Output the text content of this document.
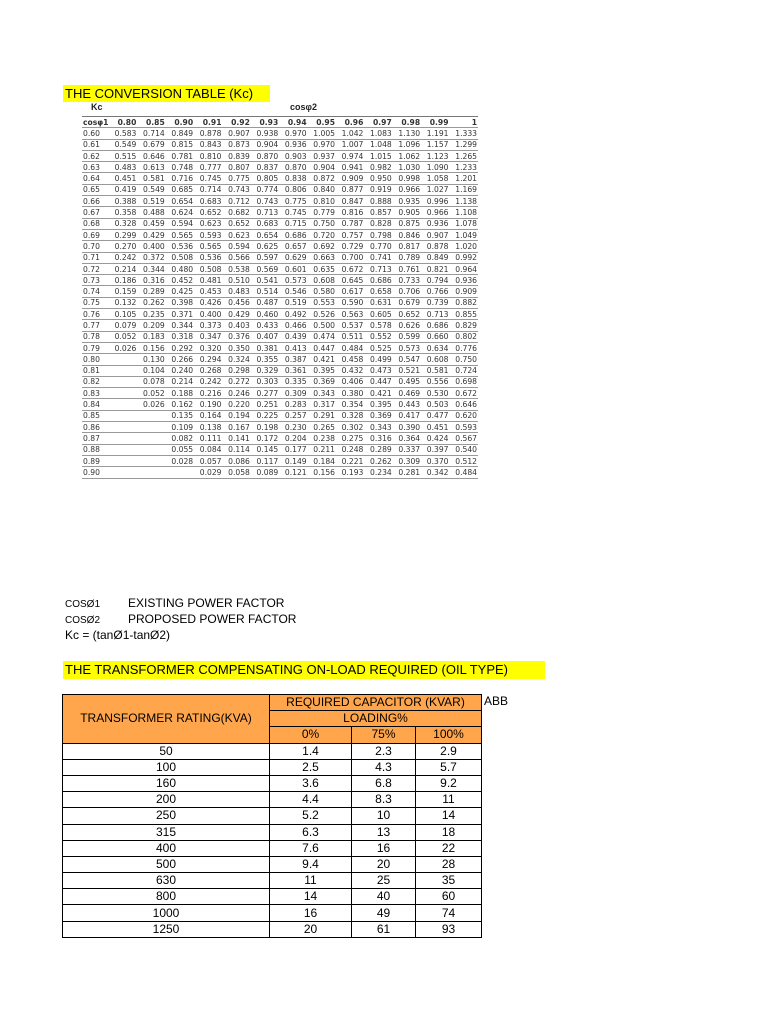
THE CONVERSION TABLE (Kc)
Kc	cosφ2
cosφ1	0.80	0.85	0.90	0.91	0.92	0.93	0.94	0.95	0.96	0.97	0.98	0.99	1
0.60	0.583	0.714	0.849	0.878	0.907	0.938	0.970	1.005	1.042	1.083	1.130	1.191	1.333
0.61	0.549	0.679	0.815	0.843	0.873	0.904	0.936	0.970	1.007	1.048	1.096	1.157	1.299
0.62	0.515	0.646	0.781	0.810	0.839	0.870	0.903	0.937	0.974	1.015	1.062	1.123	1.265
0.63	0.483	0.613	0.748	0.777	0.807	0.837	0.870	0.904	0.941	0.982	1.030	1.090	1.233
0.64	0.451	0.581	0.716	0.745	0.775	0.805	0.838	0.872	0.909	0.950	0.998	1.058	1.201
0.65	0.419	0.549	0.685	0.714	0.743	0.774	0.806	0.840	0.877	0.919	0.966	1.027	1.169
0.66	0.388	0.519	0.654	0.683	0.712	0.743	0.775	0.810	0.847	0.888	0.935	0.996	1.138
0.67	0.358	0.488	0.624	0.652	0.682	0.713	0.745	0.779	0.816	0.857	0.905	0.966	1.108
0.68	0.328	0.459	0.594	0.623	0.652	0.683	0.715	0.750	0.787	0.828	0.875	0.936	1.078
0.69	0.299	0.429	0.565	0.593	0.623	0.654	0.686	0.720	0.757	0.798	0.846	0.907	1.049
0.70	0.270	0.400	0.536	0.565	0.594	0.625	0.657	0.692	0.729	0.770	0.817	0.878	1.020
0.71	0.242	0.372	0.508	0.536	0.566	0.597	0.629	0.663	0.700	0.741	0.789	0.849	0.992
0.72	0.214	0.344	0.480	0.508	0.538	0.569	0.601	0.635	0.672	0.713	0.761	0.821	0.964
0.73	0.186	0.316	0.452	0.481	0.510	0.541	0.573	0.608	0.645	0.686	0.733	0.794	0.936
0.74	0.159	0.289	0.425	0.453	0.483	0.514	0.546	0.580	0.617	0.658	0.706	0.766	0.909
0.75	0.132	0.262	0.398	0.426	0.456	0.487	0.519	0.553	0.590	0.631	0.679	0.739	0.882
0.76	0.105	0.235	0.371	0.400	0.429	0.460	0.492	0.526	0.563	0.605	0.652	0.713	0.855
0.77	0.079	0.209	0.344	0.373	0.403	0.433	0.466	0.500	0.537	0.578	0.626	0.686	0.829
0.78	0.052	0.183	0.318	0.347	0.376	0.407	0.439	0.474	0.511	0.552	0.599	0.660	0.802
0.79	0.026	0.156	0.292	0.320	0.350	0.381	0.413	0.447	0.484	0.525	0.573	0.634	0.776
0.80		0.130	0.266	0.294	0.324	0.355	0.387	0.421	0.458	0.499	0.547	0.608	0.750
0.81		0.104	0.240	0.268	0.298	0.329	0.361	0.395	0.432	0.473	0.521	0.581	0.724
0.82		0.078	0.214	0.242	0.272	0.303	0.335	0.369	0.406	0.447	0.495	0.556	0.698
0.83		0.052	0.188	0.216	0.246	0.277	0.309	0.343	0.380	0.421	0.469	0.530	0.672
0.84		0.026	0.162	0.190	0.220	0.251	0.283	0.317	0.354	0.395	0.443	0.503	0.646
0.85			0.135	0.164	0.194	0.225	0.257	0.291	0.328	0.369	0.417	0.477	0.620
0.86			0.109	0.138	0.167	0.198	0.230	0.265	0.302	0.343	0.390	0.451	0.593
0.87			0.082	0.111	0.141	0.172	0.204	0.238	0.275	0.316	0.364	0.424	0.567
0.88			0.055	0.084	0.114	0.145	0.177	0.211	0.248	0.289	0.337	0.397	0.540
0.89			0.028	0.057	0.086	0.117	0.149	0.184	0.221	0.262	0.309	0.370	0.512
0.90				0.029	0.058	0.089	0.121	0.156	0.193	0.234	0.281	0.342	0.484
COSØ1 EXISTING POWER FACTOR
COSØ2 PROPOSED POWER FACTOR
Kc = (tanØ1-tanØ2)
THE TRANSFORMER COMPENSATING ON-LOAD REQUIRED (OIL TYPE)
TRANSFORMER RATING(KVA)	REQUIRED CAPACITOR (KVAR)		
	LOADING%		
	0%	75%	100%
50	1.4	2.3	2.9
100	2.5	4.3	5.7
160	3.6	6.8	9.2
200	4.4	8.3	11
250	5.2	10	14
315	6.3	13	18
400	7.6	16	22
500	9.4	20	28
630	11	25	35
800	14	40	60
1000	16	49	74
1250	20	61	93
ABB
